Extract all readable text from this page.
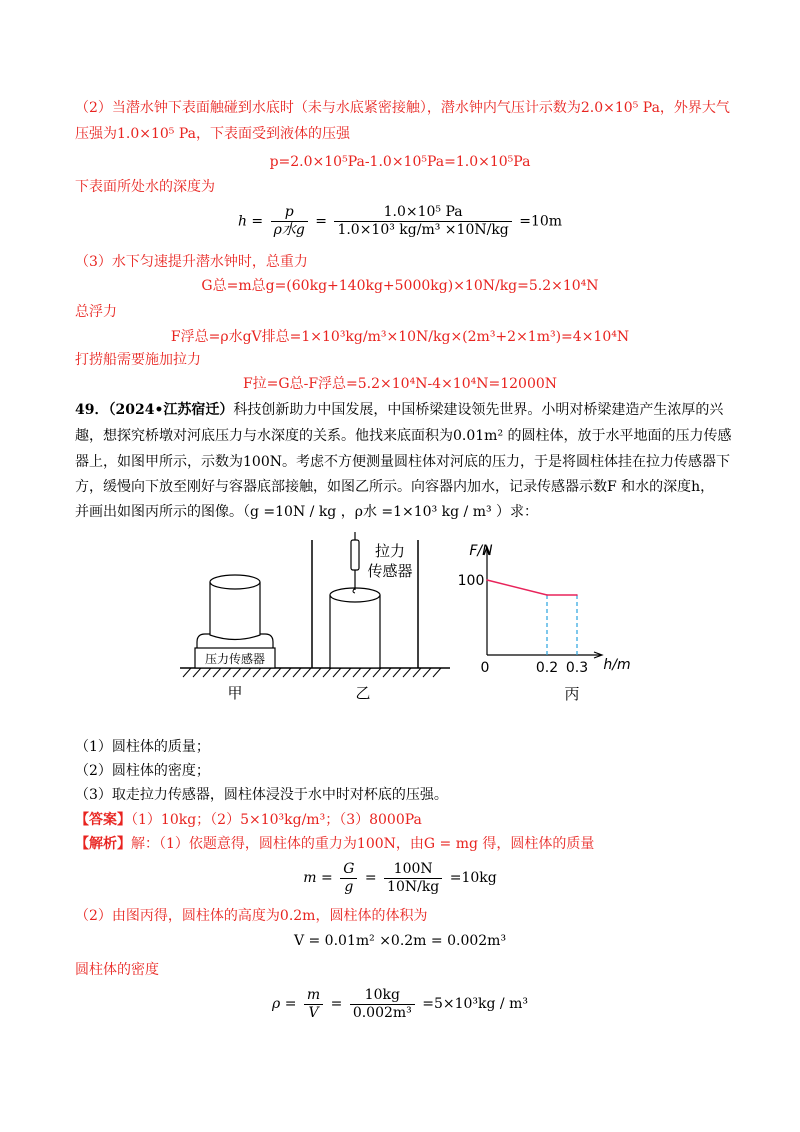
（2）当潜水钟下表面触碰到水底时（未与水底紧密接触），潜水钟内气压计示数为2.0×10⁵ Pa，外界大气
压强为1.0×10⁵ Pa，下表面受到液体的压强
p=2.0×10⁵Pa-1.0×10⁵Pa=1.0×10⁵Pa
下表面所处水的深度为
$h = \frac{p}{\text{ρ水g}} = \frac{\text{1.0×10⁵ Pa}}{\text{1.0×10³ kg/m³ ×10N/kg}} =10m$
（3）水下匀速提升潜水钟时，总重力
G总=m总g=(60kg+140kg+5000kg)×10N/kg=5.2×10⁴N
总浮力
F浮总=ρ水gV排总=1×10³kg/m³×10N/kg×(2m³+2×1m³)=4×10⁴N
打捞船需要施加拉力
F拉=G总-F浮总=5.2×10⁴N-4×10⁴N=12000N
49．（2024•江苏宿迁）科技创新助力中国发展，中国桥梁建设领先世界。小明对桥梁建造产生浓厚的兴
趣，想探究桥墩对河底压力与水深度的关系。他找来底面积为0.01m² 的圆柱体，放于水平地面的压力传感
器上，如图甲所示，示数为100N。考虑不方便测量圆柱体对河底的压力，于是将圆柱体挂在拉力传感器下
方，缓慢向下放至刚好与容器底部接触，如图乙所示。向容器内加水，记录传感器示数F 和水的深度h，
并画出如图丙所示的图像。（g =10N / kg ，ρ水 =1×10³ kg / m³ ）求：
压力传感器
拉力
传感器
甲	乙
F/N
h/m
0	0.2 0.3
100
丙
（1）圆柱体的质量；
（2）圆柱体的密度；
（3）取走拉力传感器，圆柱体浸没于水中时对杯底的压强。
【答案】（1）10kg；（2）5×10³kg/m³；（3）8000Pa
【解析】解：（1）依题意得，圆柱体的重力为100N，由G = mg 得，圆柱体的质量
$m = \frac{G}{g} = \frac{100N}{10N/kg} =10kg$
（2）由图丙得，圆柱体的高度为0.2m，圆柱体的体积为
V = 0.01m² ×0.2m = 0.002m³
圆柱体的密度
$\rho = \frac{m}{V} = \frac{10kg}{\text{0.002m³}} =5\times 10^3kg / m^3$
